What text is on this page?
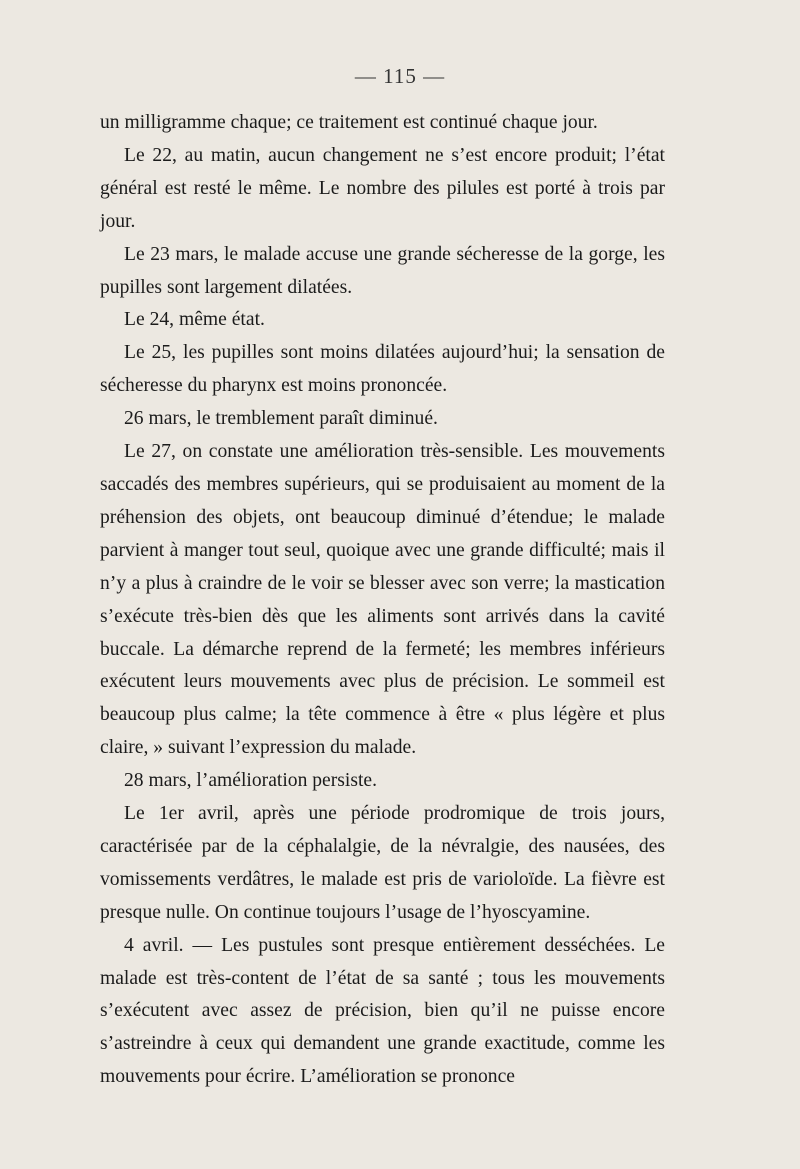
— 115 —

un milligramme chaque; ce traitement est continué chaque jour.

Le 22, au matin, aucun changement ne s’est encore produit; l’état général est resté le même. Le nombre des pilules est porté à trois par jour.

Le 23 mars, le malade accuse une grande sécheresse de la gorge, les pupilles sont largement dilatées.

Le 24, même état.

Le 25, les pupilles sont moins dilatées aujourd’hui; la sensation de sécheresse du pharynx est moins prononcée.

26 mars, le tremblement paraît diminué.

Le 27, on constate une amélioration très-sensible. Les mouvements saccadés des membres supérieurs, qui se produisaient au moment de la préhension des objets, ont beaucoup diminué d’étendue; le malade parvient à manger tout seul, quoique avec une grande difficulté; mais il n’y a plus à craindre de le voir se blesser avec son verre; la mastication s’exécute très-bien dès que les aliments sont arrivés dans la cavité buccale. La démarche reprend de la fermeté; les membres inférieurs exécutent leurs mouvements avec plus de précision. Le sommeil est beaucoup plus calme; la tête commence à être « plus légère et plus claire, » suivant l’expression du malade.

28 mars, l’amélioration persiste.

Le 1er avril, après une période prodromique de trois jours, caractérisée par de la céphalalgie, de la névralgie, des nausées, des vomissements verdâtres, le malade est pris de varioloïde. La fièvre est presque nulle. On continue toujours l’usage de l’hyoscyamine.

4 avril. — Les pustules sont presque entièrement desséchées. Le malade est très-content de l’état de sa santé ; tous les mouvements s’exécutent avec assez de précision, bien qu’il ne puisse encore s’astreindre à ceux qui demandent une grande exactitude, comme les mouvements pour écrire. L’amélioration se prononce
